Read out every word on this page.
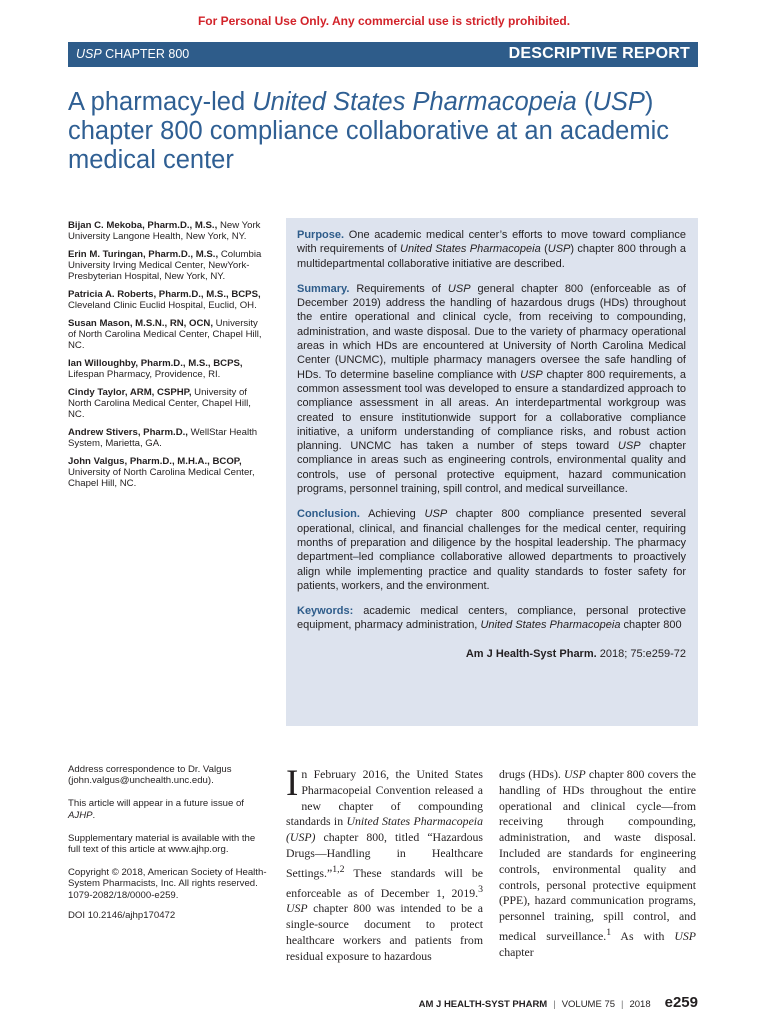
For Personal Use Only. Any commercial use is strictly prohibited.
USP CHAPTER 800	DESCRIPTIVE REPORT
A pharmacy-led United States Pharmacopeia (USP) chapter 800 compliance collaborative at an academic medical center
Bijan C. Mekoba, Pharm.D., M.S., New York University Langone Health, New York, NY.
Erin M. Turingan, Pharm.D., M.S., Columbia University Irving Medical Center, NewYork-Presbyterian Hospital, New York, NY.
Patricia A. Roberts, Pharm.D., M.S., BCPS, Cleveland Clinic Euclid Hospital, Euclid, OH.
Susan Mason, M.S.N., RN, OCN, University of North Carolina Medical Center, Chapel Hill, NC.
Ian Willoughby, Pharm.D., M.S., BCPS, Lifespan Pharmacy, Providence, RI.
Cindy Taylor, ARM, CSPHP, University of North Carolina Medical Center, Chapel Hill, NC.
Andrew Stivers, Pharm.D., WellStar Health System, Marietta, GA.
John Valgus, Pharm.D., M.H.A., BCOP, University of North Carolina Medical Center, Chapel Hill, NC.

Purpose. One academic medical center’s efforts to move toward compliance with requirements of United States Pharmacopeia (USP) chapter 800 through a multidepartmental collaborative initiative are described.

Summary. Requirements of USP general chapter 800 (enforceable as of December 2019) address the handling of hazardous drugs (HDs) throughout the entire operational and clinical cycle, from receiving to compounding, administration, and waste disposal. Due to the variety of pharmacy operational areas in which HDs are encountered at University of North Carolina Medical Center (UNCMC), multiple pharmacy managers oversee the safe handling of HDs. To determine baseline compliance with USP chapter 800 requirements, a common assessment tool was developed to ensure a standardized approach to compliance assessment in all areas. An interdepartmental workgroup was created to ensure institutionwide support for a collaborative compliance initiative, a uniform understanding of compliance risks, and robust action planning. UNCMC has taken a number of steps toward USP chapter compliance in areas such as engineering controls, environmental quality and controls, use of personal protective equipment, hazard communication programs, personnel training, spill control, and medical surveillance.

Conclusion. Achieving USP chapter 800 compliance presented several operational, clinical, and financial challenges for the medical center, requiring months of preparation and diligence by the hospital leadership. The pharmacy department–led compliance collaborative allowed departments to proactively align while implementing practice and quality standards to foster safety for patients, workers, and the environment.

Keywords: academic medical centers, compliance, personal protective equipment, pharmacy administration, United States Pharmacopeia chapter 800

Am J Health-Syst Pharm. 2018; 75:e259-72

Address correspondence to Dr. Valgus (john.valgus@unchealth.unc.edu).

This article will appear in a future issue of AJHP.

Supplementary material is available with the full text of this article at www.ajhp.org.

Copyright © 2018, American Society of Health-System Pharmacists, Inc. All rights reserved. 1079-2082/18/0000-e259.

DOI 10.2146/ajhp170472

In February 2016, the United States Pharmacopeial Convention released a new chapter of compounding standards in United States Pharmacopeia (USP) chapter 800, titled “Hazardous Drugs—Handling in Healthcare Settings.”$^{1,2}$ These standards will be enforceable as of December 1, 2019.$^3$ USP chapter 800 was intended to be a single-source document to protect healthcare workers and patients from residual exposure to hazardous
drugs (HDs). USP chapter 800 covers the handling of HDs throughout the entire operational and clinical cycle—from receiving through compounding, administration, and waste disposal. Included are standards for engineering controls, environmental quality and controls, personal protective equipment (PPE), hazard communication programs, personnel training, spill control, and medical surveillance.$^1$ As with USP chapter
AM J HEALTH-SYST PHARM | VOLUME 75 | 2018 e259
